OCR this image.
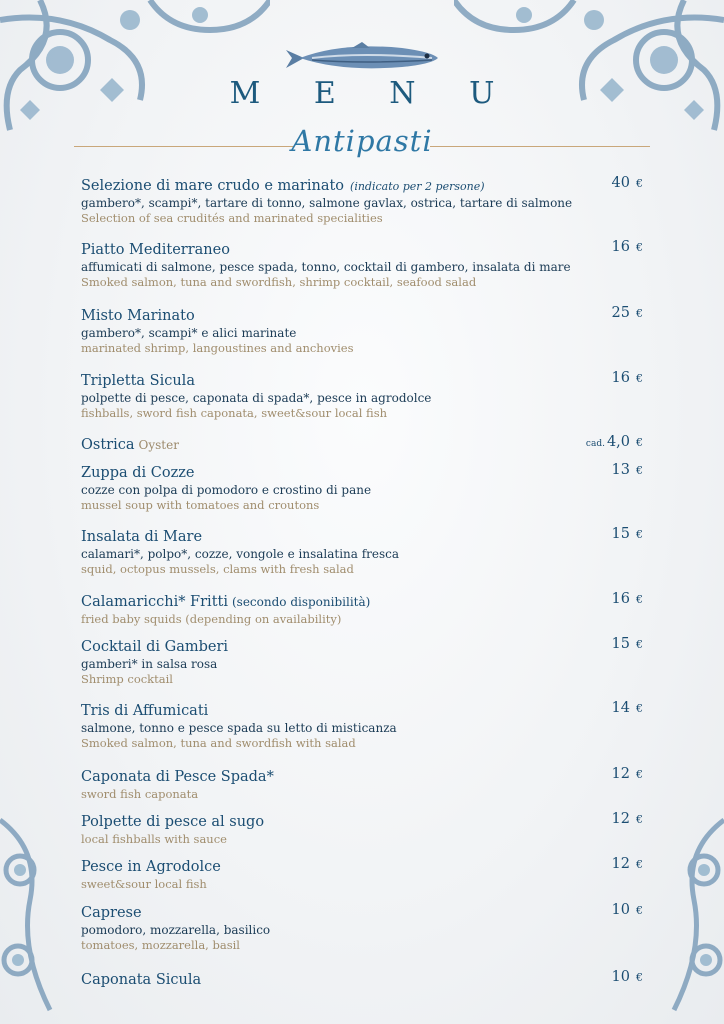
M E N U
Antipasti
Selezione di mare crudo e marinato (indicato per 2 persone)	40 €
gambero*, scampi*, tartare di tonno, salmone gavlax, ostrica, tartare di salmone
Selection of sea crudités and marinated specialities
Piatto Mediterraneo	16 €
affumicati di salmone, pesce spada, tonno, cocktail di gambero, insalata di mare
Smoked salmon, tuna and swordfish, shrimp cocktail, seafood salad
Misto Marinato	25 €
gambero*, scampi* e alici marinate
marinated shrimp, langoustines and anchovies
Tripletta Sicula	16 €
polpette di pesce, caponata di spada*, pesce in agrodolce
fishballs, sword fish caponata, sweet&sour local fish
Ostrica Oyster	cad. 4,0 €
Zuppa di Cozze	13 €
cozze con polpa di pomodoro e crostino di pane
mussel soup with tomatoes and croutons
Insalata di Mare	15 €
calamari*, polpo*, cozze, vongole e insalatina fresca
squid, octopus mussels, clams with fresh salad
Calamaricchi* Fritti (secondo disponibilità)	16 €
fried baby squids (depending on availability)
Cocktail di Gamberi	15 €
gamberi* in salsa rosa
Shrimp cocktail
Tris di Affumicati	14 €
salmone, tonno e pesce spada su letto di misticanza
Smoked salmon, tuna and swordfish with salad
Caponata di Pesce Spada*	12 €
sword fish caponata
Polpette di pesce al sugo	12 €
local fishballs with sauce
Pesce in Agrodolce	12 €
sweet&sour local fish
Caprese	10 €
pomodoro, mozzarella, basilico
tomatoes, mozzarella, basil
Caponata Sicula	10 €
